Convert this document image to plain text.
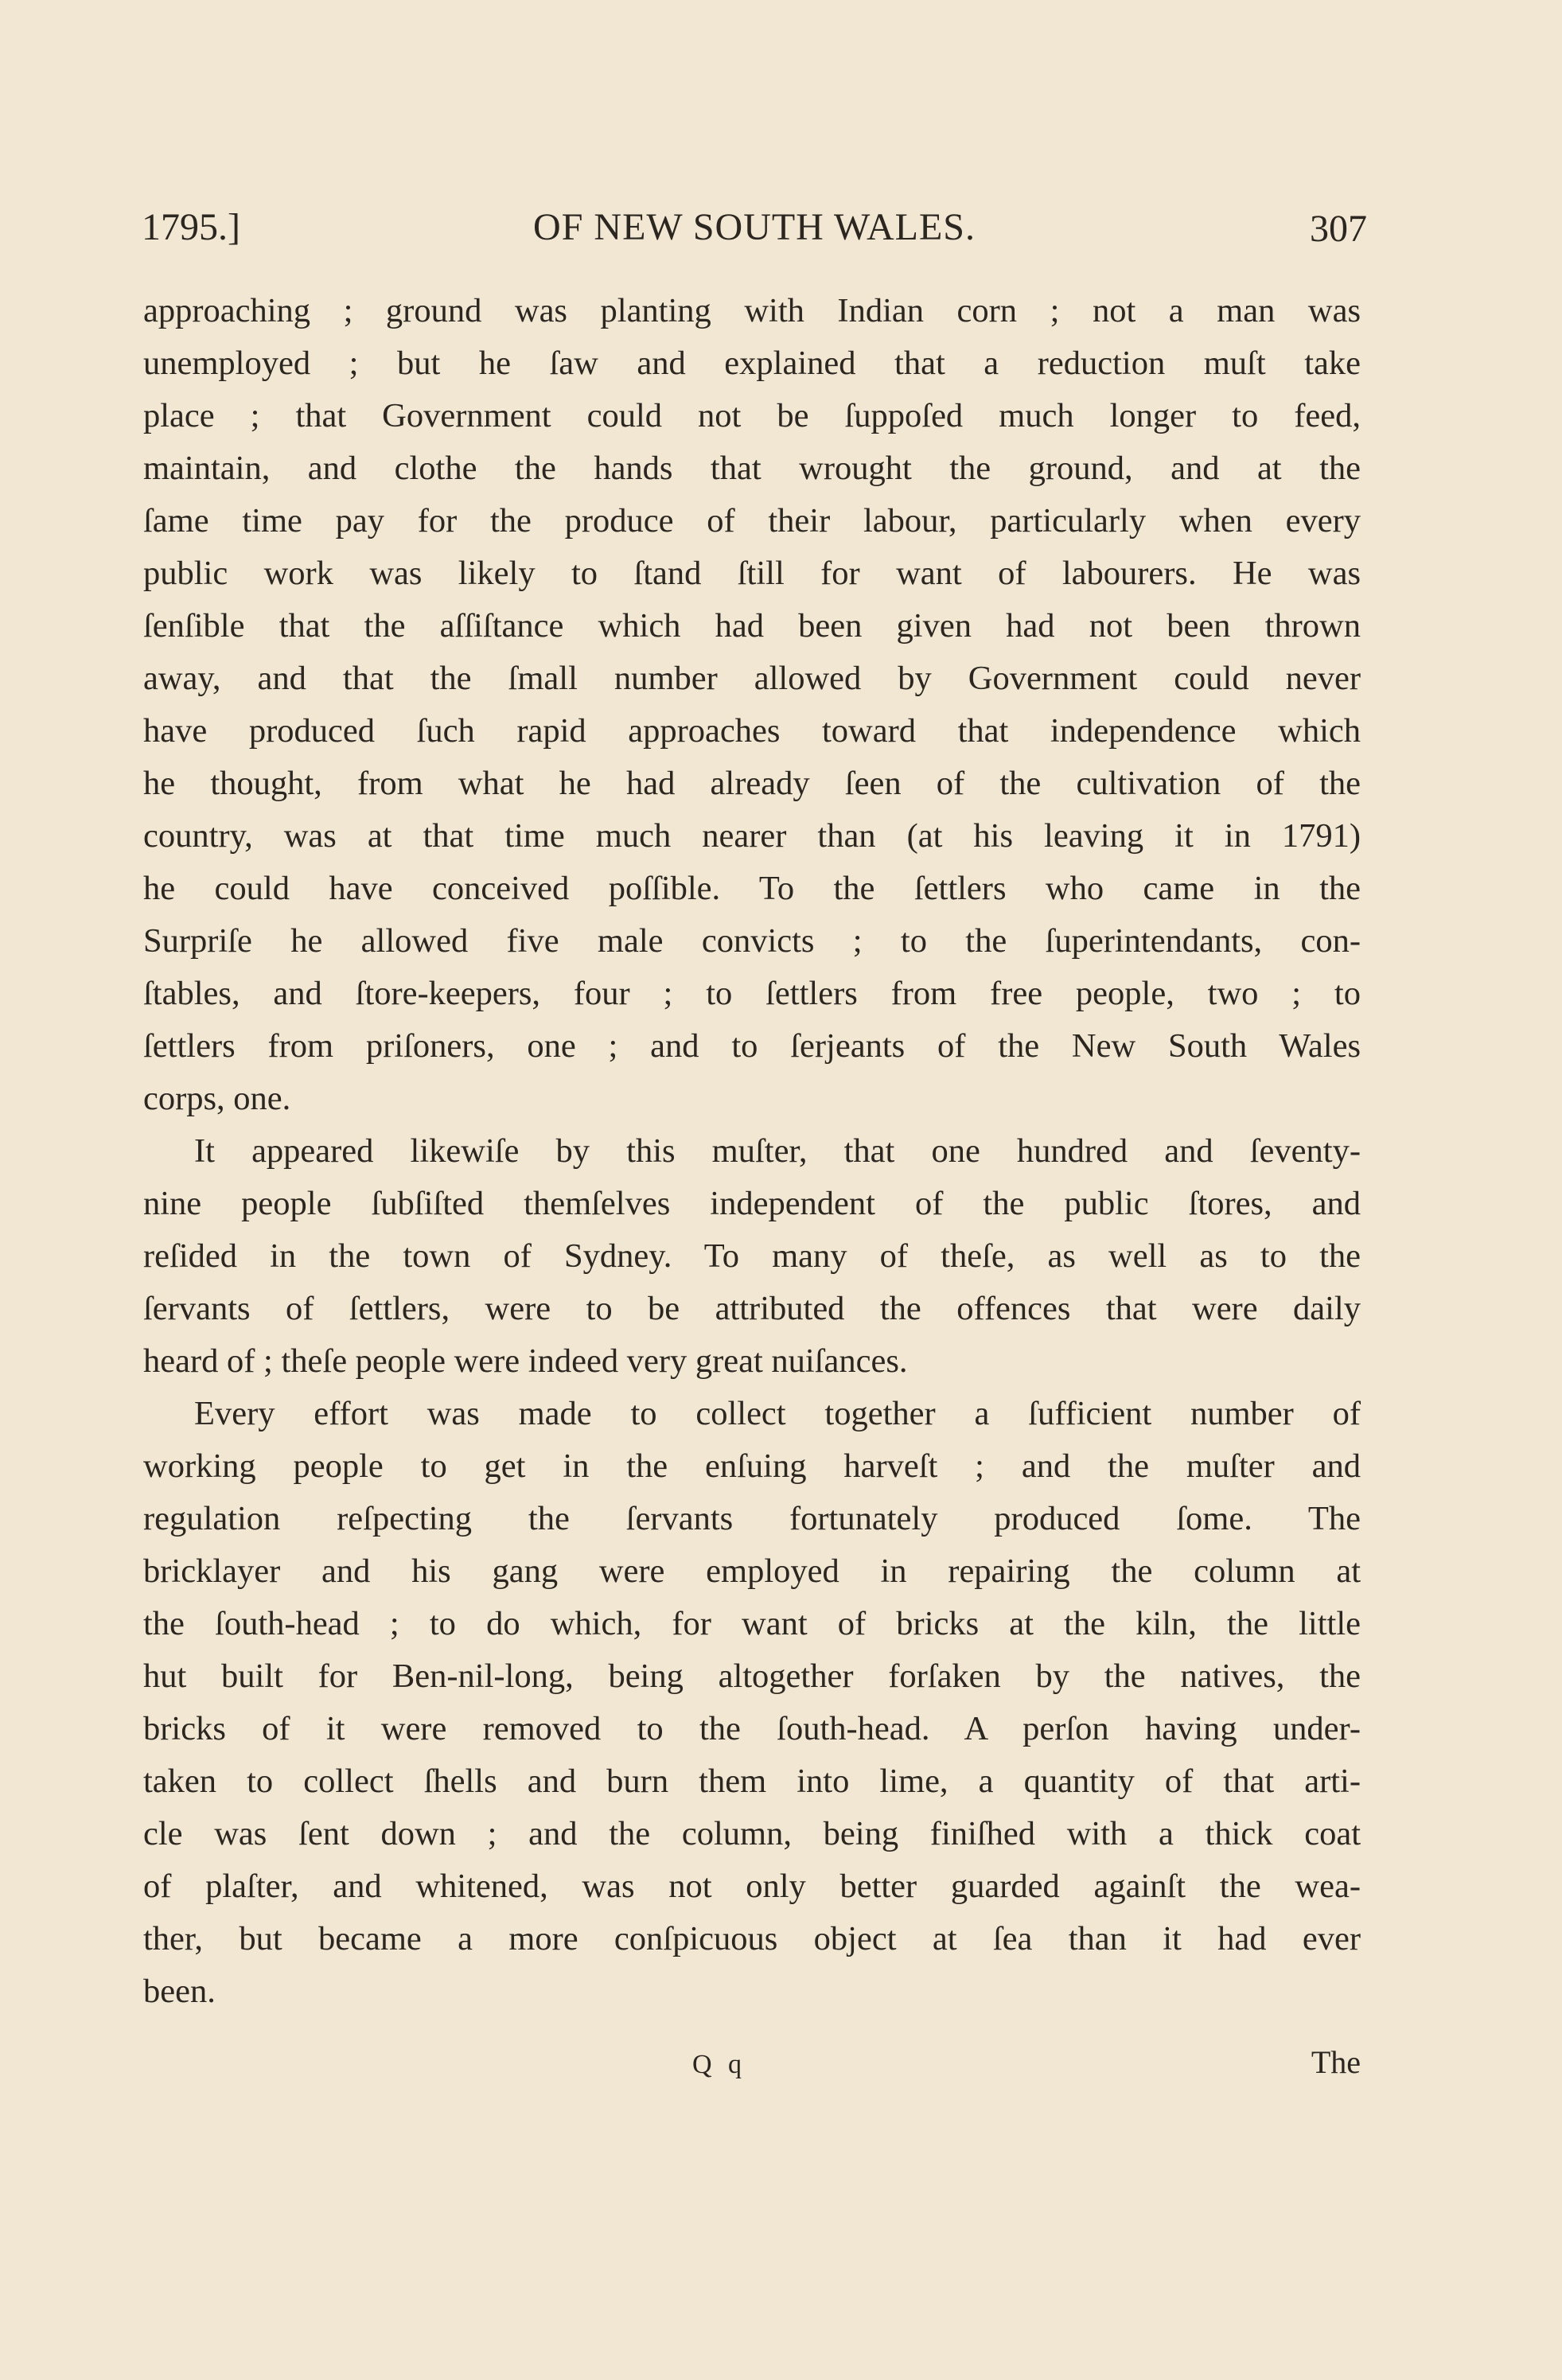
1795.]	OF NEW SOUTH WALES.	307
approaching ; ground was planting with Indian corn ; not a man was
unemployed ; but he ſaw and explained that a reduction muſt take
place ; that Government could not be ſuppoſed much longer to feed,
maintain, and clothe the hands that wrought the ground, and at the
ſame time pay for the produce of their labour, particularly when every
public work was likely to ſtand ſtill for want of labourers. He was
ſenſible that the aſſiſtance which had been given had not been thrown
away, and that the ſmall number allowed by Government could never
have produced ſuch rapid approaches toward that independence which
he thought, from what he had already ſeen of the cultivation of the
country, was at that time much nearer than (at his leaving it in 1791)
he could have conceived poſſible. To the ſettlers who came in the
Surpriſe he allowed five male convicts ; to the ſuperintendants, con-
ſtables, and ſtore-keepers, four ; to ſettlers from free people, two ; to
ſettlers from priſoners, one ; and to ſerjeants of the New South Wales
corps, one.
It appeared likewiſe by this muſter, that one hundred and ſeventy-
nine people ſubſiſted themſelves independent of the public ſtores, and
reſided in the town of Sydney. To many of theſe, as well as to the
ſervants of ſettlers, were to be attributed the offences that were daily
heard of ; theſe people were indeed very great nuiſances.
Every effort was made to collect together a ſufficient number of
working people to get in the enſuing harveſt ; and the muſter and
regulation reſpecting the ſervants fortunately produced ſome. The
bricklayer and his gang were employed in repairing the column at
the ſouth-head ; to do which, for want of bricks at the kiln, the little
hut built for Ben-nil-long, being altogether forſaken by the natives, the
bricks of it were removed to the ſouth-head. A perſon having under-
taken to collect ſhells and burn them into lime, a quantity of that arti-
cle was ſent down ; and the column, being finiſhed with a thick coat
of plaſter, and whitened, was not only better guarded againſt the wea-
ther, but became a more conſpicuous object at ſea than it had ever
been.
Q q	The
